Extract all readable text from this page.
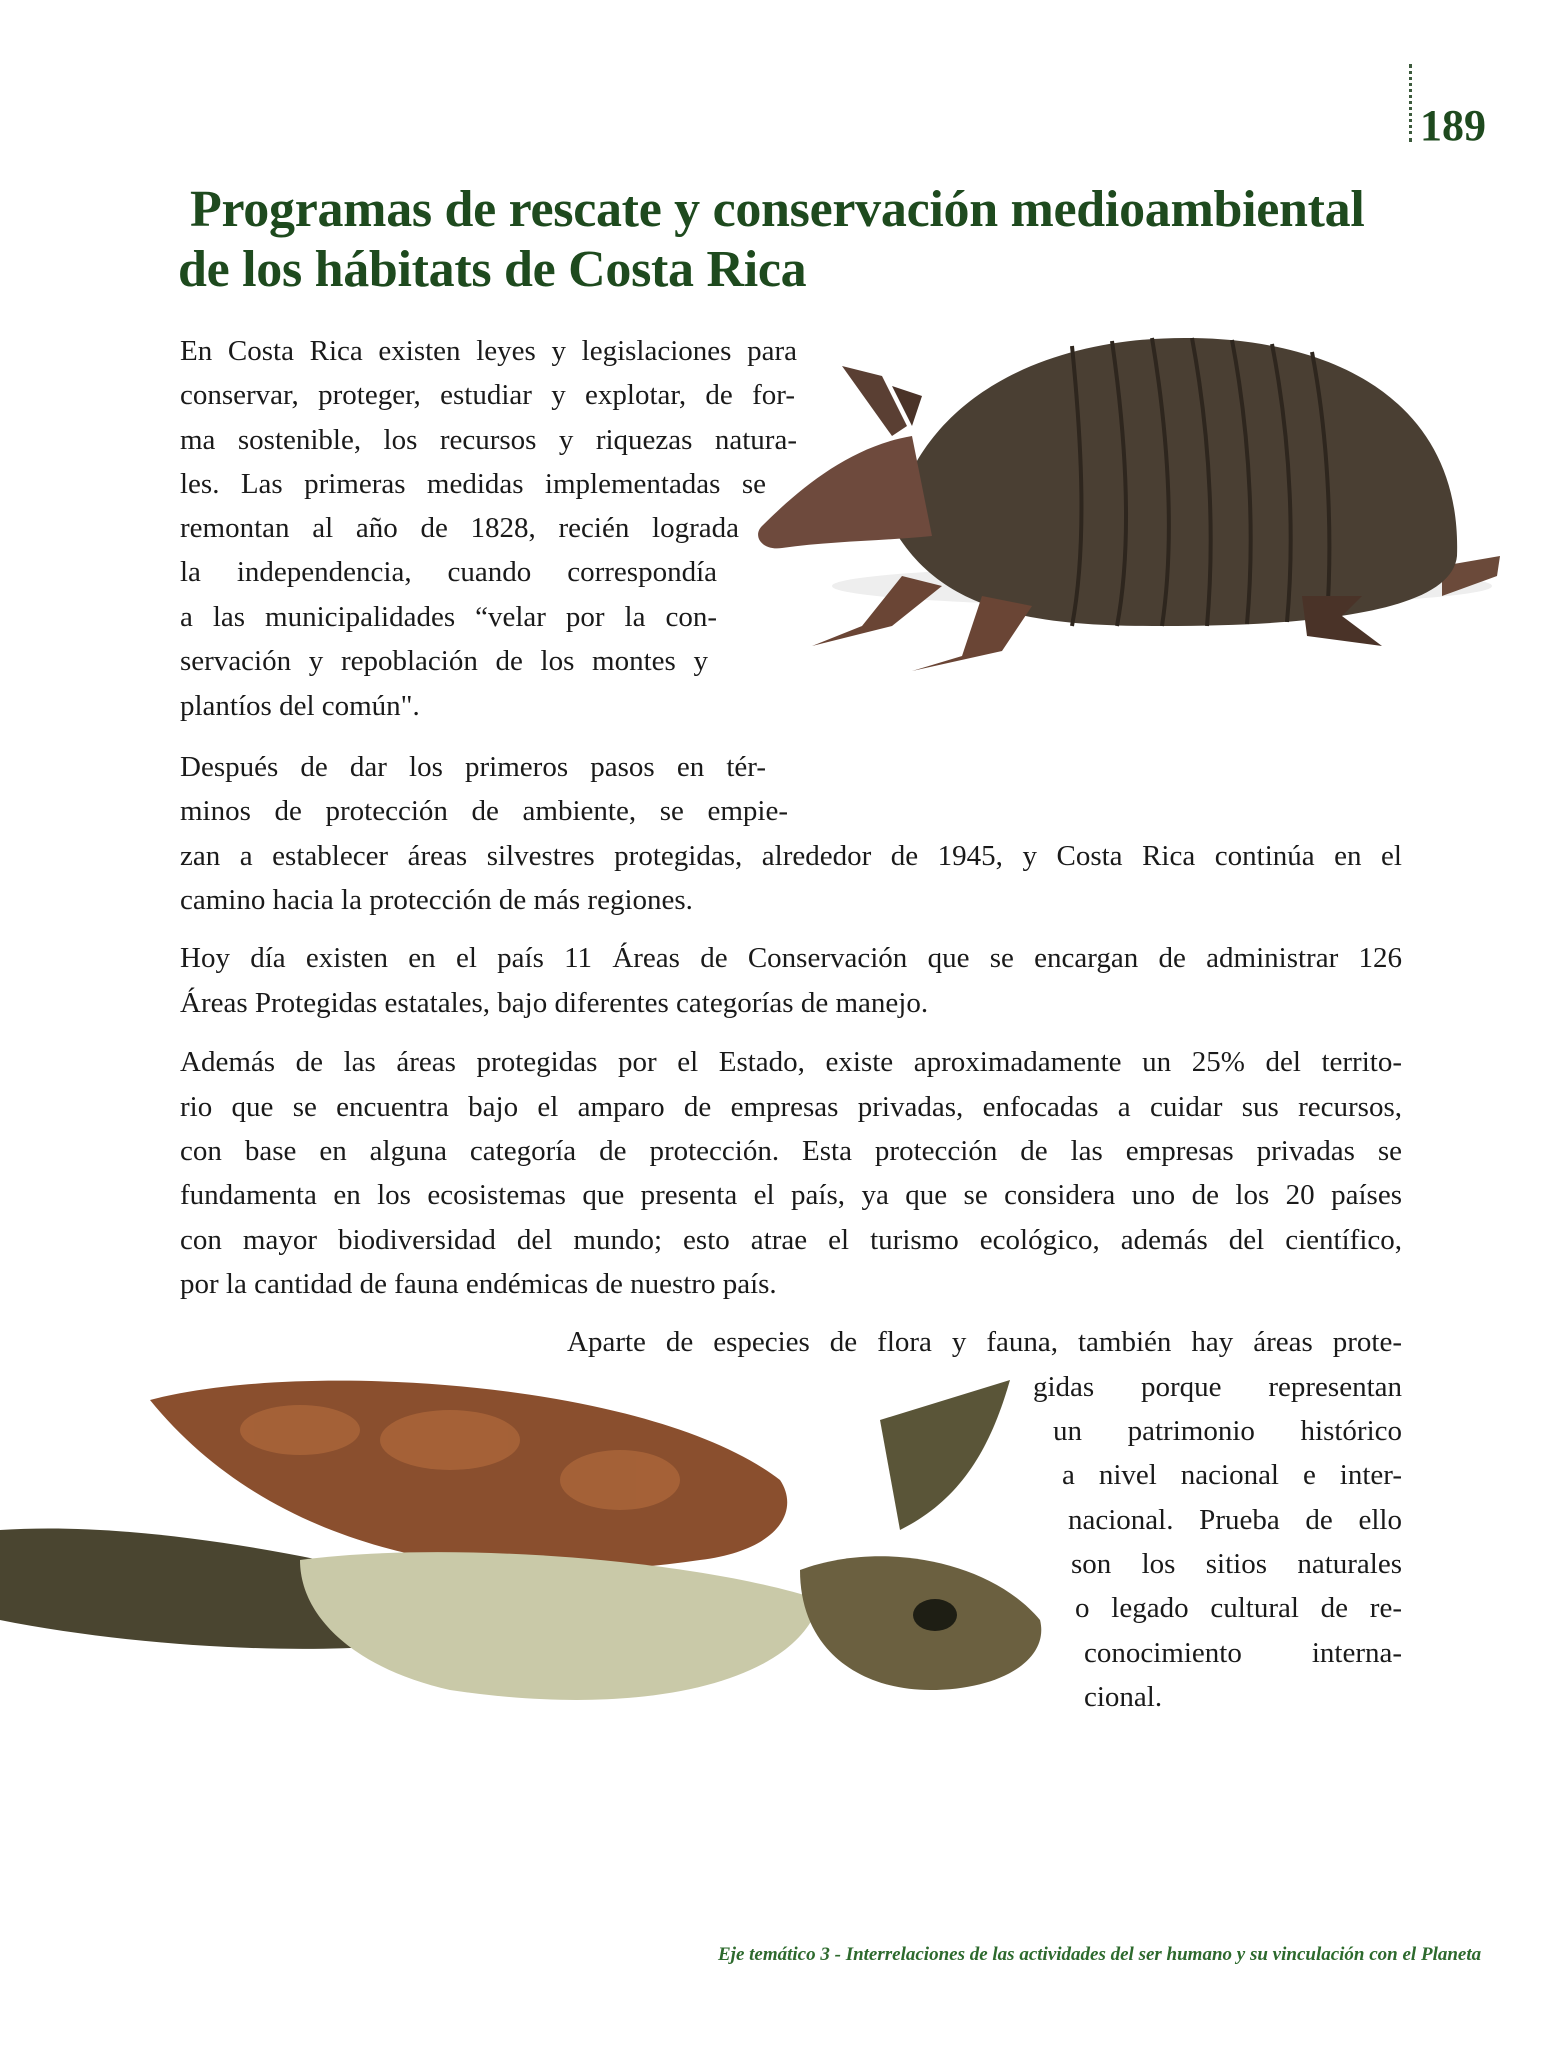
189
Programas de rescate y conservación medioambiental
de los hábitats de Costa Rica
En Costa Rica existen leyes y legislaciones para
conservar, proteger, estudiar y explotar, de for-
ma sostenible, los recursos y riquezas natura-
les. Las primeras medidas implementadas se
remontan al año de 1828, recién lograda
la independencia, cuando correspondía
a las municipalidades “velar por la con-
servación y repoblación de los montes y
plantíos del común".
Después de dar los primeros pasos en tér-
minos de protección de ambiente, se empie-
zan a establecer áreas silvestres protegidas, alrededor de 1945, y Costa Rica continúa en el
camino hacia la protección de más regiones.
Hoy día existen en el país 11 Áreas de Conservación que se encargan de administrar 126
Áreas Protegidas estatales, bajo diferentes categorías de manejo.
Además de las áreas protegidas por el Estado, existe aproximadamente un 25% del territo-
rio que se encuentra bajo el amparo de empresas privadas, enfocadas a cuidar sus recursos,
con base en alguna categoría de protección. Esta protección de las empresas privadas se
fundamenta en los ecosistemas que presenta el país, ya que se considera uno de los 20 países
con mayor biodiversidad del mundo; esto atrae el turismo ecológico, además del científico,
por la cantidad de fauna endémicas de nuestro país.
Aparte de especies de flora y fauna, también hay áreas prote-
gidas porque representan
un patrimonio histórico
a nivel nacional e inter-
nacional. Prueba de ello
son los sitios naturales
o legado cultural de re-
conocimiento interna-
cional.
Eje temático 3 - Interrelaciones de las actividades del ser humano y su vinculación con el Planeta
